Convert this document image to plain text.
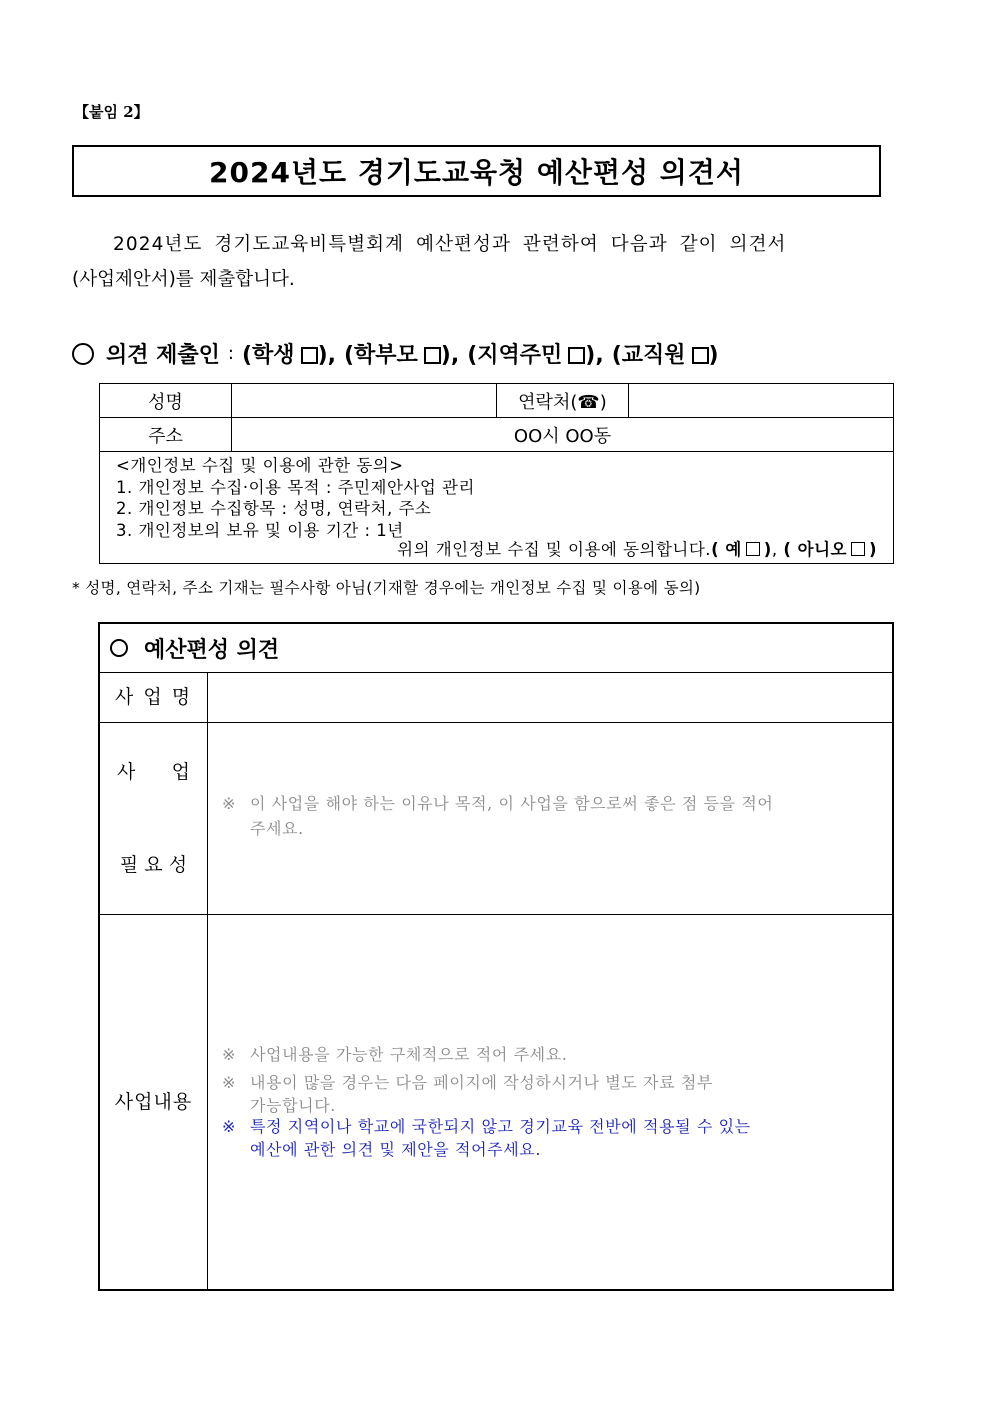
【붙임 2】
2024년도 경기도교육청 예산편성 의견서
2024년도 경기도교육비특별회계 예산편성과 관련하여 다음과 같이 의견서
(사업제안서)를 제출합니다.
의견 제출인 : (학생 ), (학부모 ), (지역주민 ), (교직원 )
성명	연락처(☎)
주소	OO시 OO동
<개인정보 수집 및 이용에 관한 동의>
1. 개인정보 수집·이용 목적 : 주민제안사업 관리
2. 개인정보 수집항목 : 성명, 연락처, 주소
3. 개인정보의 보유 및 이용 기간 : 1년
위의 개인정보 수집 및 이용에 동의합니다.( 예 ), ( 아니오 )
* 성명, 연락처, 주소 기재는 필수사항 아님(기재할 경우에는 개인정보 수집 및 이용에 동의)
예산편성 의견
사 업 명

사      업

필 요 성

※ 이 사업을 해야 하는 이유나 목적, 이 사업을 함으로써 좋은 점 등을 적어
주세요.
사업내용
※ 사업내용을 가능한 구체적으로 적어 주세요.
※ 내용이 많을 경우는 다음 페이지에 작성하시거나 별도 자료 첨부
가능합니다.
※ 특정 지역이나 학교에 국한되지 않고 경기교육 전반에 적용될 수 있는
예산에 관한 의견 및 제안을 적어주세요.
